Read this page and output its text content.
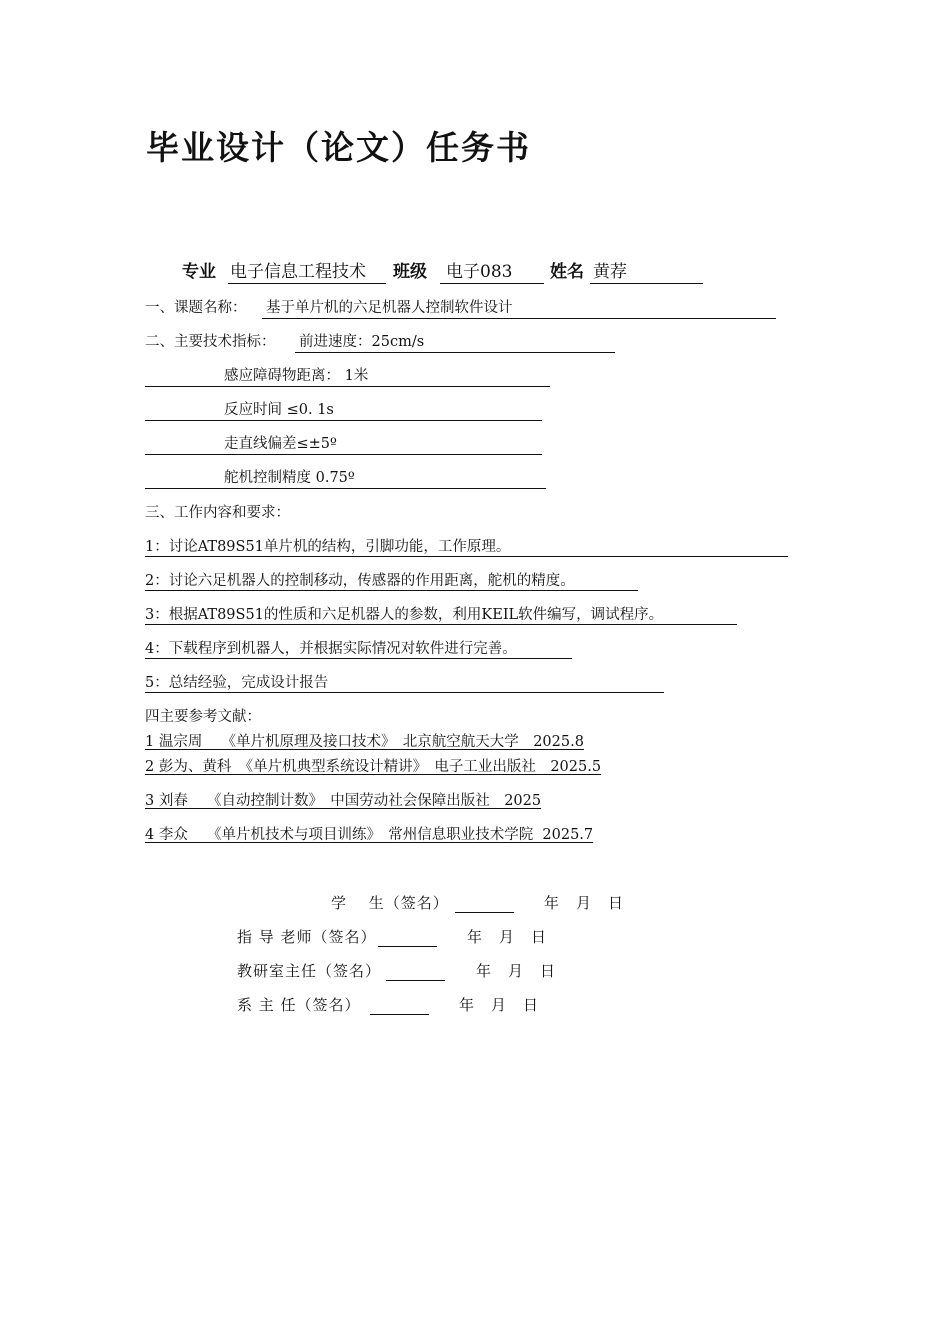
毕业设计（论文）任务书
专业 电子信息工程技术 班级 电子083 姓名 黄荐
一、课题名称： 基于单片机的六足机器人控制软件设计
二、主要技术指标： 前进速度：25cm/s
感应障碍物距离： 1米
反应时间 ≤0. 1s
走直线偏差≤±5º
舵机控制精度 0.75º
三、工作内容和要求：
1：讨论AT89S51单片机的结构，引脚功能，工作原理。
2：讨论六足机器人的控制移动，传感器的作用距离，舵机的精度。
3：根据AT89S51的性质和六足机器人的参数，利用KEIL软件编写，调试程序。
4：下载程序到机器人，并根据实际情况对软件进行完善。
5：总结经验，完成设计报告
四主要参考文献：
1 温宗周　 《单片机原理及接口技术》　北京航空航天大学　2025.8
2 彭为、黄科　《单片机典型系统设计精讲》　电子工业出版社　2025.5
3 刘春　 《自动控制计数》　中国劳动社会保障出版社　2025
4 李众　 《单片机技术与项目训练》　常州信息职业技术学院  2025.7
学　 生（签名）	年　月　日
指 导 老师（签名）	年　月　日
教研室主任（签名）	年　月　日
系 主 任（签名）	年　月　日
